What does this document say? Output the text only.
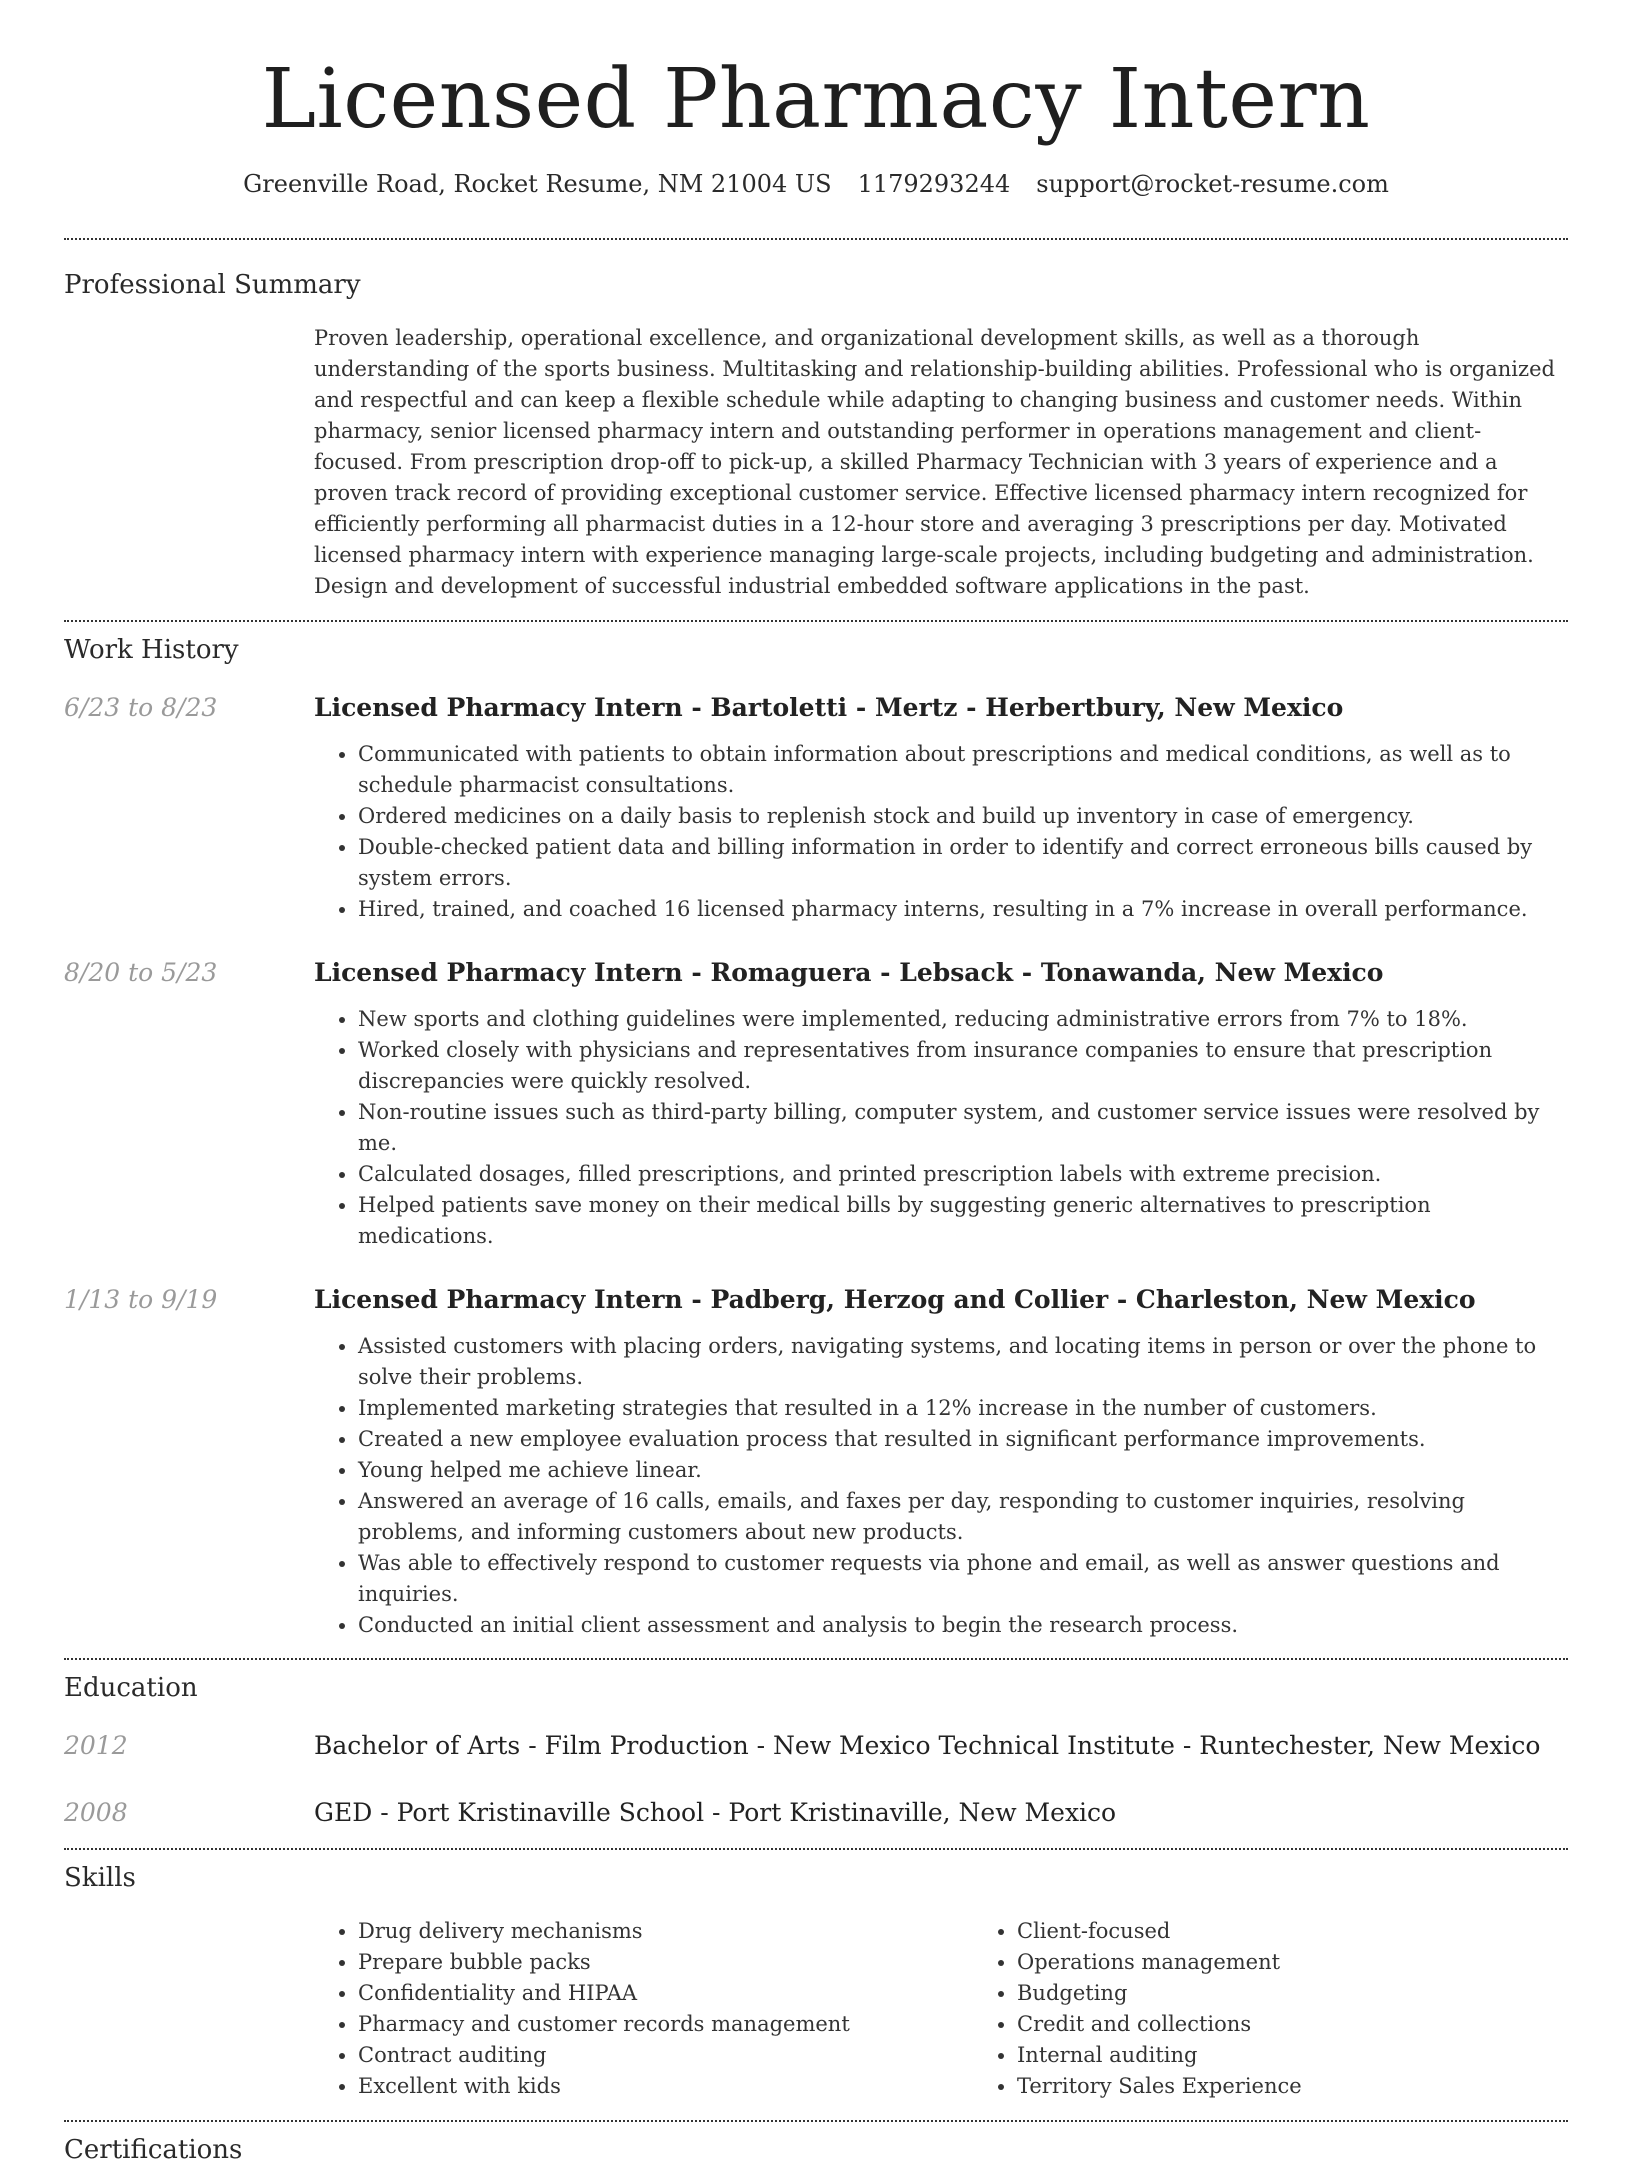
Licensed Pharmacy Intern
Greenville Road, Rocket Resume, NM 21004 US 1179293244 support@rocket-resume.com
Professional Summary

Proven leadership, operational excellence, and organizational development skills, as well as a thorough understanding of the sports business. Multitasking and relationship-building abilities. Professional who is organized and respectful and can keep a flexible schedule while adapting to changing business and customer needs. Within pharmacy, senior licensed pharmacy intern and outstanding performer in operations management and client-focused. From prescription drop-off to pick-up, a skilled Pharmacy Technician with 3 years of experience and a proven track record of providing exceptional customer service. Effective licensed pharmacy intern recognized for efficiently performing all pharmacist duties in a 12-hour store and averaging 3 prescriptions per day. Motivated licensed pharmacy intern with experience managing large-scale projects, including budgeting and administration. Design and development of successful industrial embedded software applications in the past.

Work History
6/23 to 8/23	Licensed Pharmacy Intern - Bartoletti - Mertz - Herbertbury, New Mexico
• Communicated with patients to obtain information about prescriptions and medical conditions, as well as to schedule pharmacist consultations.
• Ordered medicines on a daily basis to replenish stock and build up inventory in case of emergency.
• Double-checked patient data and billing information in order to identify and correct erroneous bills caused by system errors.
• Hired, trained, and coached 16 licensed pharmacy interns, resulting in a 7% increase in overall performance.
8/20 to 5/23	Licensed Pharmacy Intern - Romaguera - Lebsack - Tonawanda, New Mexico
• New sports and clothing guidelines were implemented, reducing administrative errors from 7% to 18%.
• Worked closely with physicians and representatives from insurance companies to ensure that prescription discrepancies were quickly resolved.
• Non-routine issues such as third-party billing, computer system, and customer service issues were resolved by me.
• Calculated dosages, filled prescriptions, and printed prescription labels with extreme precision.
• Helped patients save money on their medical bills by suggesting generic alternatives to prescription medications.
1/13 to 9/19	Licensed Pharmacy Intern - Padberg, Herzog and Collier - Charleston, New Mexico
• Assisted customers with placing orders, navigating systems, and locating items in person or over the phone to solve their problems.
• Implemented marketing strategies that resulted in a 12% increase in the number of customers.
• Created a new employee evaluation process that resulted in significant performance improvements.
• Young helped me achieve linear.
• Answered an average of 16 calls, emails, and faxes per day, responding to customer inquiries, resolving problems, and informing customers about new products.
• Was able to effectively respond to customer requests via phone and email, as well as answer questions and inquiries.
• Conducted an initial client assessment and analysis to begin the research process.
Education
2012	Bachelor of Arts - Film Production - New Mexico Technical Institute - Runtechester, New Mexico
2008	GED - Port Kristinaville School - Port Kristinaville, New Mexico
Skills
• Drug delivery mechanisms
• Prepare bubble packs
• Confidentiality and HIPAA
• Pharmacy and customer records management
• Contract auditing
• Excellent with kids
• Client-focused
• Operations management
• Budgeting
• Credit and collections
• Internal auditing
• Territory Sales Experience
Certifications
